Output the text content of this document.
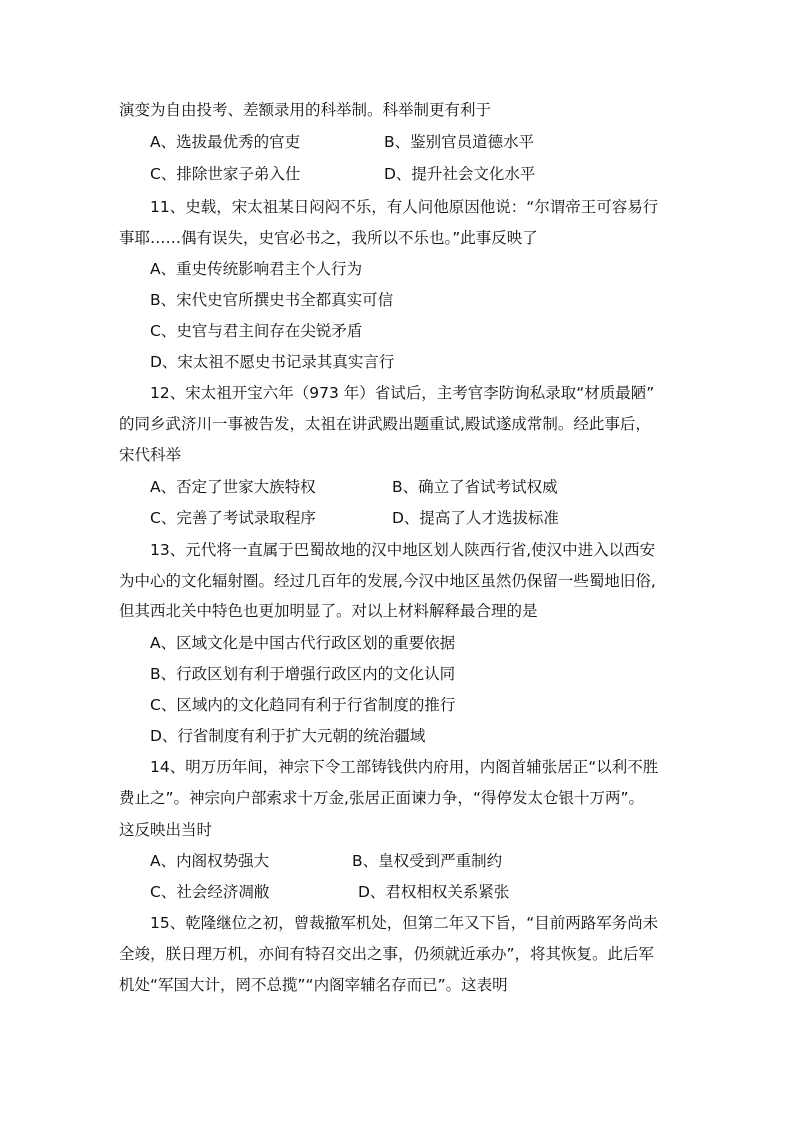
演变为自由投考、差额录用的科举制。科举制更有利于
A、选拔最优秀的官吏	B、鉴别官员道德水平
C、排除世家子弟入仕	D、提升社会文化水平
11、史载，宋太祖某日闷闷不乐，有人问他原因他说：“尔谓帝王可容易行
事耶……偶有误失，史官必书之，我所以不乐也。”此事反映了
A、重史传统影响君主个人行为
B、宋代史官所撰史书全都真实可信
C、史官与君主间存在尖锐矛盾
D、宋太祖不愿史书记录其真实言行
12、宋太祖开宝六年（973 年）省试后，主考官李防询私录取“材质最陋”
的同乡武济川一事被告发，太祖在讲武殿出题重试,殿试遂成常制。经此事后，
宋代科举
A、否定了世家大族特权	B、确立了省试考试权威
C、完善了考试录取程序	D、提高了人才选拔标准
13、元代将一直属于巴蜀故地的汉中地区划人陕西行省,使汉中进入以西安
为中心的文化辐射圈。经过几百年的发展,今汉中地区虽然仍保留一些蜀地旧俗,
但其西北关中特色也更加明显了。对以上材料解释最合理的是
A、区域文化是中国古代行政区划的重要依据
B、行政区划有利于增强行政区内的文化认同
C、区域内的文化趋同有利于行省制度的推行
D、行省制度有利于扩大元朝的统治疆域
14、明万历年间，神宗下令工部铸钱供内府用，内阁首辅张居正“以利不胜
费止之”。神宗向户部索求十万金,张居正面谏力争，“得停发太仓银十万两”。
这反映出当时
A、内阁权势强大	B、皇权受到严重制约
C、社会经济凋敝	D、君权相权关系紧张
15、乾隆继位之初，曾裁撤军机处，但第二年又下旨，“目前两路军务尚未
全竣，朕日理万机，亦间有特召交出之事，仍须就近承办”，将其恢复。此后军
机处“军国大计，罔不总揽”“内阁宰辅名存而已”。这表明
